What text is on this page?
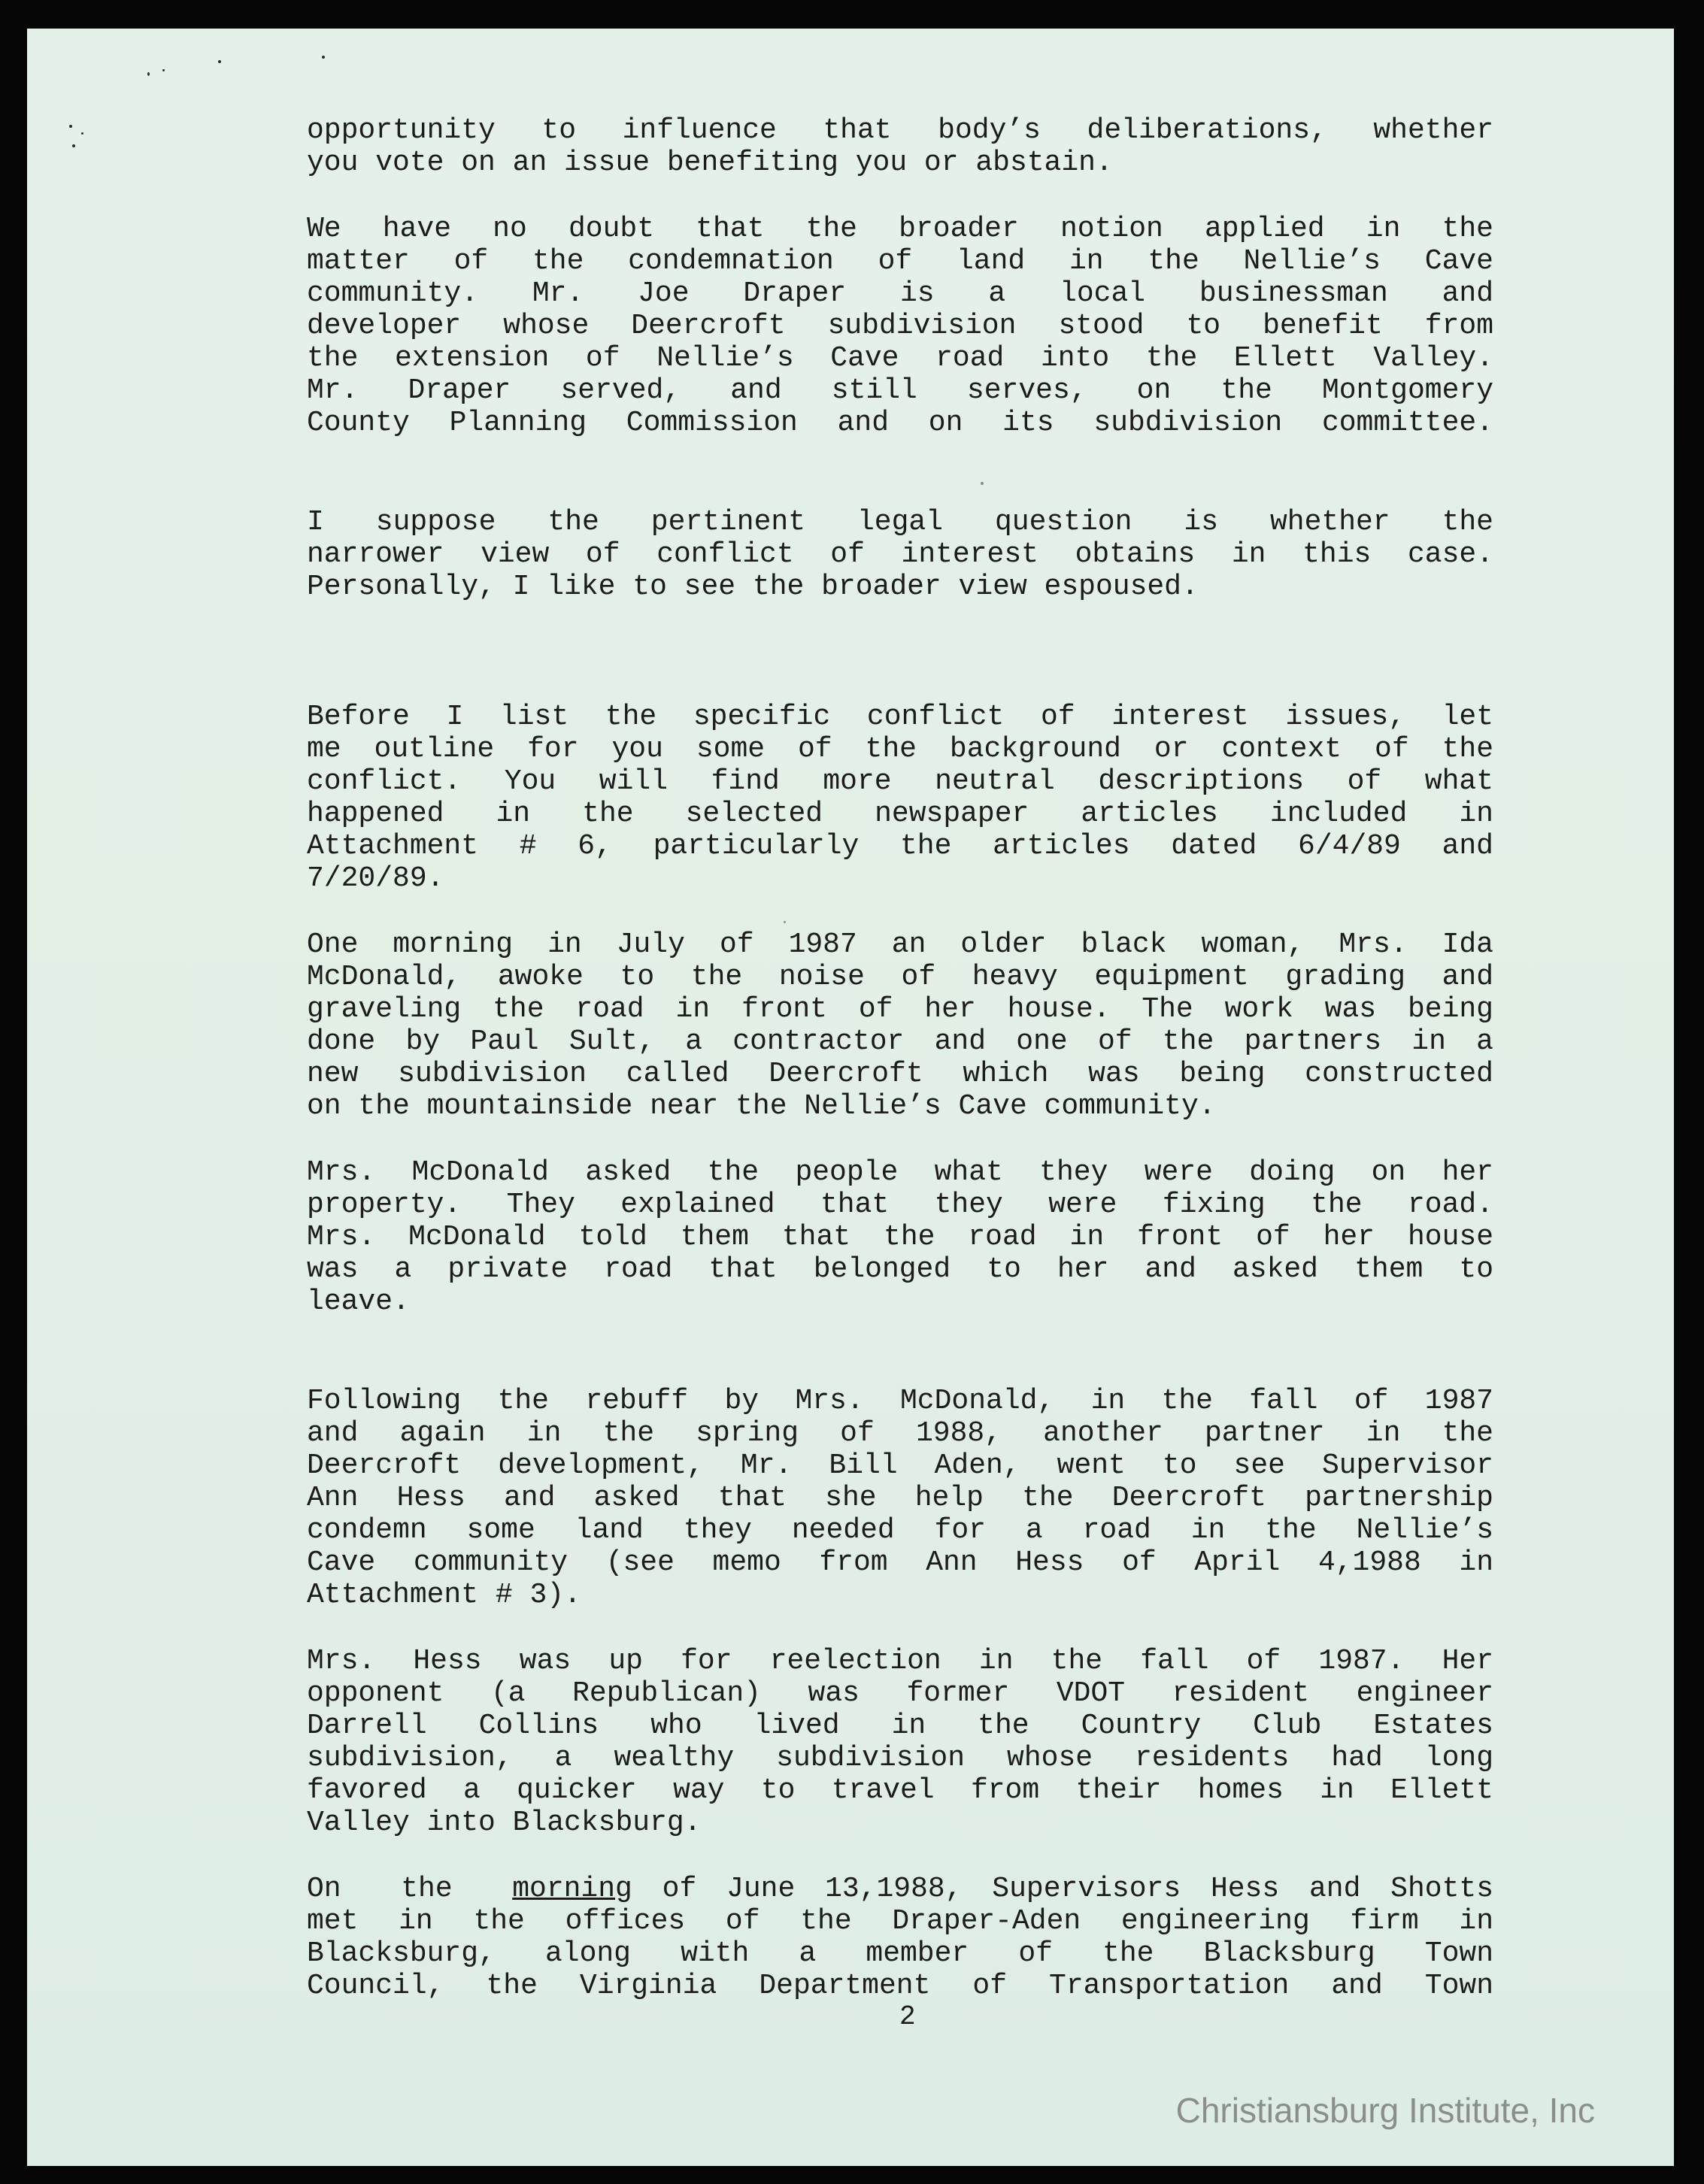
opportunity to influence that body’s deliberations, whether
you vote on an issue benefiting you or abstain.

We have no doubt that the broader notion applied in the
matter of the condemnation of land in the Nellie’s Cave
community. Mr. Joe Draper is a local businessman and
developer whose Deercroft subdivision stood to benefit from
the extension of Nellie’s Cave road into the Ellett Valley.
Mr. Draper served, and still serves, on the Montgomery
County Planning Commission and on its subdivision committee.

I suppose the pertinent legal question is whether the
narrower view of conflict of interest obtains in this case.
Personally, I like to see the broader view espoused.

Before I list the specific conflict of interest issues, let
me outline for you some of the background or context of the
conflict. You will find more neutral descriptions of what
happened in the selected newspaper articles included in
Attachment # 6, particularly the articles dated 6/4/89 and
7/20/89.

One morning in July of 1987 an older black woman, Mrs. Ida
McDonald, awoke to the noise of heavy equipment grading and
graveling the road in front of her house. The work was being
done by Paul Sult, a contractor and one of the partners in a
new subdivision called Deercroft which was being constructed
on the mountainside near the Nellie’s Cave community.

Mrs. McDonald asked the people what they were doing on her
property. They explained that they were fixing the road.
Mrs. McDonald told them that the road in front of her house
was a private road that belonged to her and asked them to
leave.

Following the rebuff by Mrs. McDonald, in the fall of 1987
and again in the spring of 1988, another partner in the
Deercroft development, Mr. Bill Aden, went to see Supervisor
Ann Hess and asked that she help the Deercroft partnership
condemn some land they needed for a road in the Nellie’s
Cave community (see memo from Ann Hess of April 4,1988 in
Attachment # 3).

Mrs. Hess was up for reelection in the fall of 1987. Her
opponent (a Republican) was former VDOT resident engineer
Darrell Collins who lived in the Country Club Estates
subdivision, a wealthy subdivision whose residents had long
favored a quicker way to travel from their homes in Ellett
Valley into Blacksburg.

On  the  morning of June 13,1988, Supervisors Hess and Shotts
met in the offices of the Draper-Aden engineering firm in
Blacksburg, along with a member of the Blacksburg Town
Council, the Virginia Department of Transportation and Town

2
Christiansburg Institute, Inc
